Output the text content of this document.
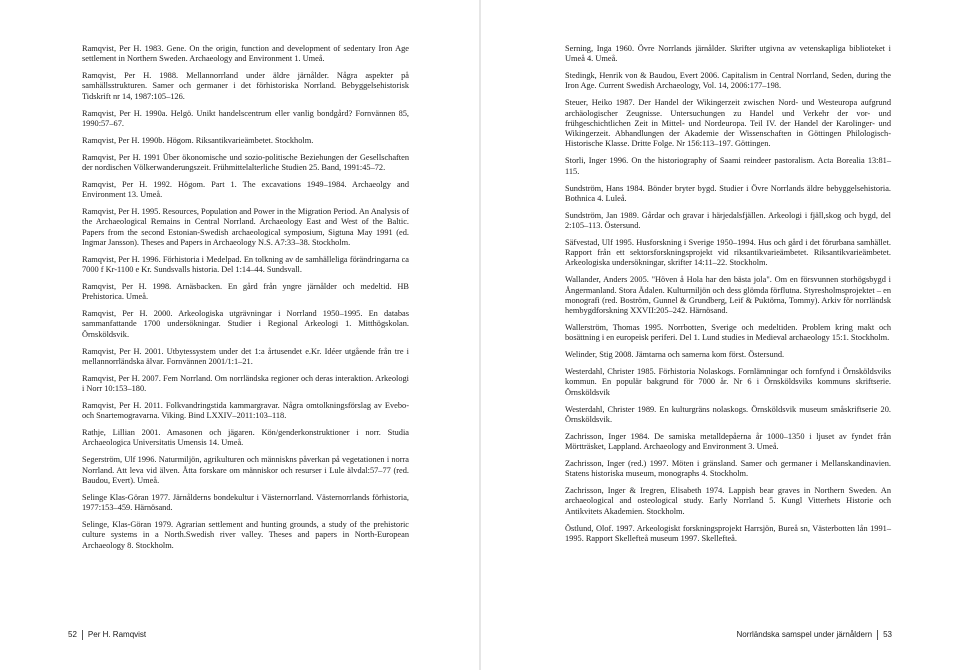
Ramqvist, Per H. 1983. Gene. On the origin, function and development of sedentary Iron Age settlement in Northern Sweden. Archaeology and Environment 1. Umeå.

Ramqvist, Per H. 1988. Mellannorrland under äldre järnålder. Några aspekter på samhällsstrukturen. Samer och germaner i det förhistoriska Norrland. Bebyggelsehistorisk Tidskrift nr 14, 1987:105–126.

Ramqvist, Per H. 1990a. Helgö. Unikt handelscentrum eller vanlig bondgård? Fornvännen 85, 1990:57–67.

Ramqvist, Per H. 1990b. Högom. Riksantikvarieämbetet. Stockholm.

Ramqvist, Per H. 1991 Über ökonomische und sozio-politische Beziehungen der Gesellschaften der nordischen Völkerwanderungszeit. Frühmittelalterliche Studien 25. Band, 1991:45–72.

Ramqvist, Per H. 1992. Högom. Part 1. The excavations 1949–1984. Archaeolgy and Environment 13. Umeå.

Ramqvist, Per H. 1995. Resources, Population and Power in the Migration Period. An Analysis of the Archaeological Remains in Central Norrland. Archaeology East and West of the Baltic. Papers from the second Estonian-Swedish archaeological symposium, Sigtuna May 1991 (ed. Ingmar Jansson). Theses and Papers in Archaeology N.S. A7:33–38. Stockholm.

Ramqvist, Per H. 1996. Förhistoria i Medelpad. En tolkning av de samhälleliga förändringarna ca 7000 f Kr-1100 e Kr. Sundsvalls historia. Del 1:14–44. Sundsvall.

Ramqvist, Per H. 1998. Arnäsbacken. En gård från yngre järnålder och medeltid. HB Prehistorica. Umeå.

Ramqvist, Per H. 2000. Arkeologiska utgrävningar i Norrland 1950–1995. En databas sammanfattande 1700 undersökningar. Studier i Regional Arkeologi 1. Mitthögskolan. Örnsköldsvik.

Ramqvist, Per H. 2001. Utbytessystem under det 1:a årtusendet e.Kr. Idéer utgående från tre i mellannorrländska älvar. Fornvännen 2001/1:1–21.

Ramqvist, Per H. 2007. Fem Norrland. Om norrländska regioner och deras interaktion. Arkeologi i Norr 10:153–180.

Ramqvist, Per H. 2011. Folkvandringstida kammargravar. Några omtolkningsförslag av Evebo- och Snartemogravarna. Viking. Bind LXXIV–2011:103–118.

Rathje, Lillian 2001. Amasonen och jägaren. Kön/genderkonstruktioner i norr. Studia Archaeologica Universitatis Umensis 14. Umeå.

Segerström, Ulf 1996. Naturmiljön, agrikulturen och människns påverkan på vegetationen i norra Norrland. Att leva vid älven. Åtta forskare om människor och resurser i Lule älvdal:57–77 (red. Baudou, Evert). Umeå.

Selinge Klas-Göran 1977. Järnålderns bondekultur i Västernorrland. Västernorrlands förhistoria, 1977:153–459. Härnösand.

Selinge, Klas-Göran 1979. Agrarian settlement and hunting grounds, a study of the prehistoric culture systems in a North.Swedish river valley. Theses and papers in North-European Archaeology 8. Stockholm.

52 Per H. Ramqvist

Serning, Inga 1960. Övre Norrlands järnålder. Skrifter utgivna av vetenskapliga biblioteket i Umeå 4. Umeå.

Stedingk, Henrik von & Baudou, Evert 2006. Capitalism in Central Norrland, Seden, during the Iron Age. Current Swedish Archaeology, Vol. 14, 2006:177–198.

Steuer, Heiko 1987. Der Handel der Wikingerzeit zwischen Nord- und Westeuropa aufgrund archäologischer Zeugnisse. Untersuchungen zu Handel und Verkehr der vor- und frühgeschichtlichen Zeit in Mittel- und Nordeuropa. Teil IV. der Handel der Karolinger- und Wikingerzeit. Abhandlungen der Akademie der Wissenschaften in Göttingen Philologisch-Historische Klasse. Dritte Folge. Nr 156:113–197. Göttingen.

Storli, Inger 1996. On the historiography of Saami reindeer pastoralism. Acta Borealia 13:81–115.

Sundström, Hans 1984. Bönder bryter bygd. Studier i Övre Norrlands äldre bebyggelsehistoria. Bothnica 4. Luleå.

Sundström, Jan 1989. Gårdar och gravar i härjedalsfjällen. Arkeologi i fjäll,skog och bygd, del 2:105–113. Östersund.

Säfvestad, Ulf 1995. Husforskning i Sverige 1950–1994. Hus och gård i det förurbana samhället. Rapport från ett sektorsforskningsprojekt vid riksantikvarieämbetet. Riksantikvarieämbetet. Arkeologiska undersökningar, skrifter 14:11–22. Stockholm.

Wallander, Anders 2005. "Höven å Hola har den bästa jola". Om en försvunnen storhögsbygd i Ångermanland. Stora Ådalen. Kulturmiljön och dess glömda förflutna. Styresholmsprojektet – en monografi (red. Boström, Gunnel & Grundberg, Leif & Puktörna, Tommy). Arkiv för norrländsk hembygdforskning XXVII:205–242. Härnösand.

Wallerström, Thomas 1995. Norrbotten, Sverige och medeltiden. Problem kring makt och bosättning i en europeisk periferi. Del 1. Lund studies in Medieval archaeology 15:1. Stockholm.

Welinder, Stig 2008. Jämtarna och samerna kom först. Östersund.

Westerdahl, Christer 1985. Förhistoria Nolaskogs. Fornlämningar och fornfynd i Örnsköldsviks kommun. En populär bakgrund för 7000 år. Nr 6 i Örnsköldsviks kommuns skriftserie. Örnsköldsvik

Westerdahl, Christer 1989. En kulturgräns nolaskogs. Örnsköldsvik museum småskriftserie 20. Örnsköldsvik.

Zachrisson, Inger 1984. De samiska metalldepåerna år 1000–1350 i ljuset av fyndet från Mörtträsket, Lappland. Archaeology and Environment 3. Umeå.

Zachrisson, Inger (red.) 1997. Möten i gränsland. Samer och germaner i Mellanskandinavien. Statens historiska museum, monographs 4. Stockholm.

Zachrisson, Inger & Iregren, Elisabeth 1974. Lappish bear graves in Northern Sweden. An archaeological and osteological study. Early Norrland 5. Kungl Vitterhets Historie och Antikvitets Akademien. Stockholm.

Östlund, Olof. 1997. Arkeologiskt forskningsprojekt Harrsjön, Bureå sn, Västerbotten lån 1991–1995. Rapport Skellefteå museum 1997. Skellefteå.

Norrländska samspel under järnåldern 53
